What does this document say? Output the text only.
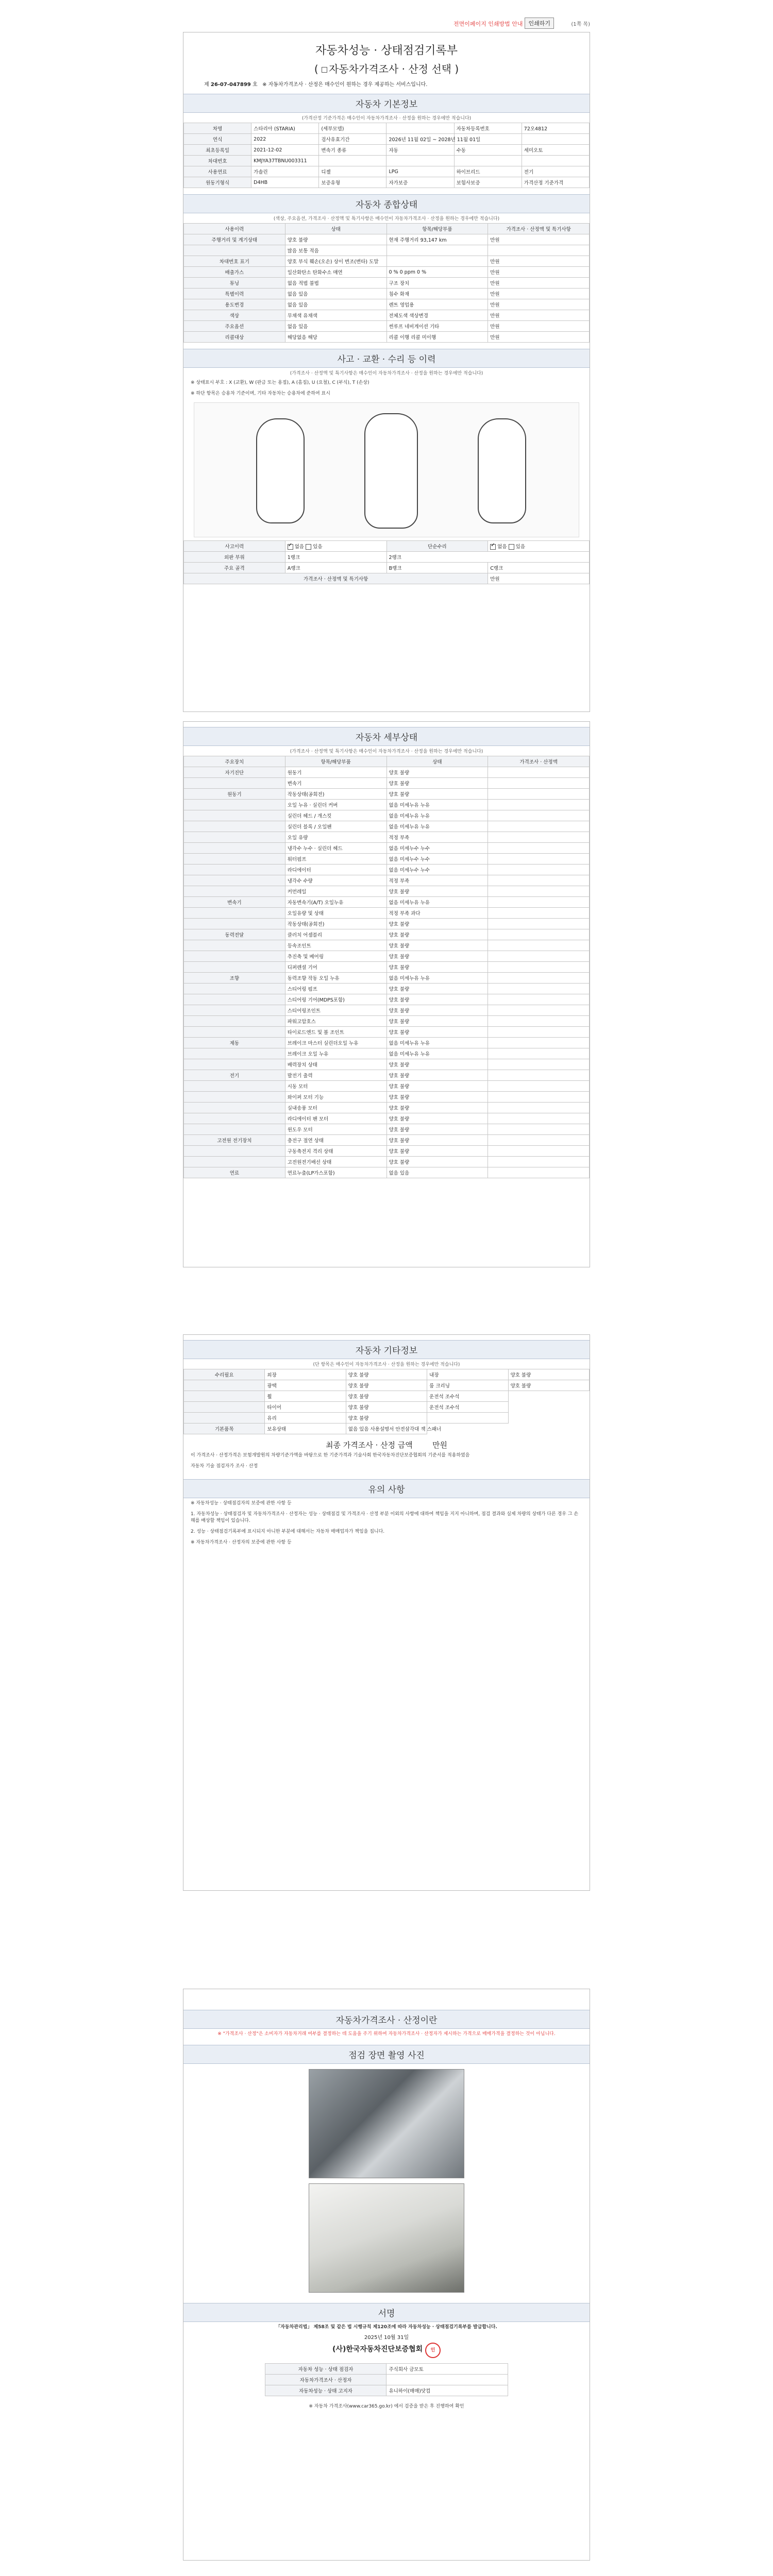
전면이페이지 인쇄방법 안내 인쇄하기	(1쪽 목)
자동차성능 · 상태점검기록부
( 자동차가격조사 · 산정 선택 )
제 26-07-047899 호 ※ 자동차가격조사 · 산정은 매수인이 원하는 경우 제공하는 서비스입니다.
자동차 기본정보
(가격산정 기준가격은 매수인이 자동차가격조사 · 산정을 원하는 경우에만 적습니다)
차명	스타리아 (STARIA)	(세부모델)		자동차등록번호	72오4812
연식	2022	검사유효기간	2026년 11월 02일 ~ 2028년 11월 01일		
최초등록일	2021-12-02	변속기 종류	자동	수동	세미오토
차대번호	KMJYA37TBNU003311				
사용연료	가솔린	디젤	LPG	하이브리드	전기
원동기형식	D4HB	보증유형	자가보증	보험사보증	가격산정 기준가격
자동차 종합상태
(색상, 주요옵션, 가격조사 · 산정액 및 특기사항은 매수인이 자동차가격조사 · 산정을 원하는 경우에만 적습니다)
사용이력	상태	항목/해당부품	가격조사 · 산정액 및 특기사항
주행거리 및 계기상태	양호 불량	현재 주행거리 93,147 km	만원
	많음 보통 적음		
차대번호 표기	양호 부식 훼손(오손) 상이 변조(변타) 도말		만원
배출가스	일산화탄소 탄화수소 매연	0 % 0 ppm 0 %	만원
튜닝	없음 적법 불법	구조 장치	만원
특별이력	없음 있음	침수 화재	만원
용도변경	없음 있음	렌트 영업용	만원
색상	무채색 유채색	전체도색 색상변경	만원
주요옵션	없음 있음	썬루프 네비게이션 기타	만원
리콜대상	해당없음 해당	리콜 이행 리콜 미이행	만원
사고 · 교환 · 수리 등 이력
(가격조사 · 산정액 및 특기사항은 매수인이 자동차가격조사 · 산정을 원하는 경우에만 적습니다)
※ 상태표시 부호 : X (교환), W (판금 또는 용접), A (흠집), U (요철), C (부식), T (손상)
※ 하단 항목은 승용차 기준이며, 기타 자동차는 승용차에 준하여 표시
사고이력	✓없음 있음	단순수리	✓없음 있음
외판 부위	1랭크	2랭크	
주요 골격	A랭크	B랭크	C랭크
가격조사 · 산정액 및 특기사항			만원
자동차 세부상태
(가격조사 · 산정액 및 특기사항은 매수인이 자동차가격조사 · 산정을 원하는 경우에만 적습니다)
주요장치	항목/해당부품	상태	가격조사 · 산정액
자기진단	원동기	양호 불량	
	변속기	양호 불량	
원동기	작동상태(공회전)	양호 불량	
	오일 누유 · 실린더 커버	없음 미세누유 누유	
	실린더 헤드 / 개스킷	없음 미세누유 누유	
	실린더 블록 / 오일팬	없음 미세누유 누유	
	오일 유량	적정 부족	
	냉각수 누수 · 실린더 헤드	없음 미세누수 누수	
	워터펌프	없음 미세누수 누수	
	라디에이터	없음 미세누수 누수	
	냉각수 수량	적정 부족	
	커먼레일	양호 불량	
변속기	자동변속기(A/T) 오일누유	없음 미세누유 누유	
	오일유량 및 상태	적정 부족 과다	
	작동상태(공회전)	양호 불량	
동력전달	클러치 어셈블리	양호 불량	
	등속조인트	양호 불량	
	추진축 및 베어링	양호 불량	
	디퍼렌셜 기어	양호 불량	
조향	동력조향 작동 오일 누유	없음 미세누유 누유	
	스티어링 펌프	양호 불량	
	스티어링 기어(MDPS포함)	양호 불량	
	스티어링조인트	양호 불량	
	파워고압호스	양호 불량	
	타이로드엔드 및 볼 조인트	양호 불량	
제동	브레이크 마스터 실린더오일 누유	없음 미세누유 누유	
	브레이크 오일 누유	없음 미세누유 누유	
	배력장치 상태	양호 불량	
전기	발전기 출력	양호 불량	
	시동 모터	양호 불량	
	와이퍼 모터 기능	양호 불량	
	실내송풍 모터	양호 불량	
	라디에이터 팬 모터	양호 불량	
	윈도우 모터	양호 불량	
고전원 전기장치	충전구 절연 상태	양호 불량	
	구동축전지 격리 상태	양호 불량	
	고전원전기배선 상태	양호 불량	
연료	연료누출(LP가스포함)	없음 있음	
자동차 기타정보
(단 항목은 매수인이 자동차가격조사 · 산정을 원하는 경우에만 적습니다)
수리필요	외장	양호 불량	내장	양호 불량
	광택	양호 불량	룸 크리닝	양호 불량
	휠	양호 불량	운전석 조수석	
	타이어	양호 불량	운전석 조수석	
	유리	양호 불량		
기본품목	보유상태	없음 있음 사용설명서 안전삼각대 잭 스패너		
최종 가격조사 · 산정 금액	만원
이 가격조사 · 산정가격은 보험개발원의 차량기준가액을 바탕으로 한 기준가격과 기술사회 한국자동차진단보증협회의 기준서를 적용하였음
자동차 기술 점검자가 조사 · 산정
유의 사항
※ 자동차성능 · 상태점검자의 보증에 관한 사항 등
1. 자동차성능 · 상태점검자 및 자동차가격조사 · 산정자는 성능 · 상태점검 및 가격조사 · 산정 부분 이외의 사항에 대하여 책임을 지지 아니하며, 점검 결과와 실제 차량의 상태가 다른 경우 그 손해를 배상할 책임이 있습니다.
2. 성능 · 상태점검기록부에 표시되지 아니한 부분에 대해서는 자동차 매매업자가 책임을 집니다.
※ 자동차가격조사 · 산정자의 보증에 관한 사항 등
자동차가격조사 · 산정이란
※ "가격조사 · 산정"은 소비자가 자동차거래 여부를 결정하는 데 도움을 주기 위하여 자동차가격조사 · 산정자가 제시하는 가격으로 매매가격을 결정하는 것이 아닙니다.
점검 장면 촬영 사진
서명
「자동차관리법」 제58조 및 같은 법 시행규칙 제120조에 따라 자동차성능 · 상태점검기록부를 발급합니다.
2025년 10월 31일
(사)한국자동차진단보증협회 인
자동차 성능 · 상태 점검자	주식회사 금모토
자동차가격조사 · 산정자	
자동차성능 · 상태 고지자	유니하이(매매)닷컴
※ 자동차 가격조사(www.car365.go.kr) 에서 검증을 받은 후 진행하여 확인
